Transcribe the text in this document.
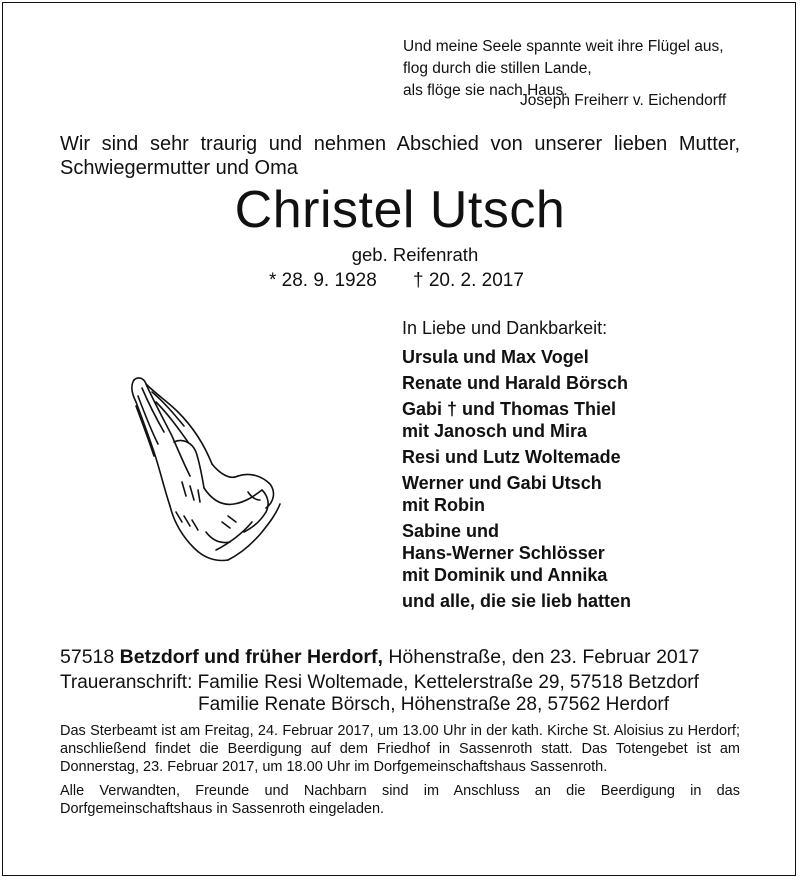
Und meine Seele spannte weit ihre Flügel aus,
flog durch die stillen Lande,
als flöge sie nach Haus.
Joseph Freiherr v. Eichendorff
Wir sind sehr traurig und nehmen Abschied von unserer lieben Mutter, Schwiegermutter und Oma
Christel Utsch
geb. Reifenrath
* 28. 9. 1928 † 20. 2. 2017
In Liebe und Dankbarkeit:
Ursula und Max Vogel
Renate und Harald Börsch
Gabi † und Thomas Thiel
mit Janosch und Mira
Resi und Lutz Woltemade
Werner und Gabi Utsch
mit Robin
Sabine und
Hans-Werner Schlösser
mit Dominik und Annika
und alle, die sie lieb hatten
57518 Betzdorf und früher Herdorf, Höhenstraße, den 23. Februar 2017
Traueranschrift: Familie Resi Woltemade, Kettelerstraße 29, 57518 Betzdorf
Familie Renate Börsch, Höhenstraße 28, 57562 Herdorf

Das Sterbeamt ist am Freitag, 24. Februar 2017, um 13.00 Uhr in der kath. Kirche St. Aloisius zu Herdorf; anschließend findet die Beerdigung auf dem Friedhof in Sassenroth statt. Das Totengebet ist am Donnerstag, 23. Februar 2017, um 18.00 Uhr im Dorfgemeinschaftshaus Sassenroth.

Alle Verwandten, Freunde und Nachbarn sind im Anschluss an die Beerdigung in das Dorfgemeinschaftshaus in Sassenroth eingeladen.
